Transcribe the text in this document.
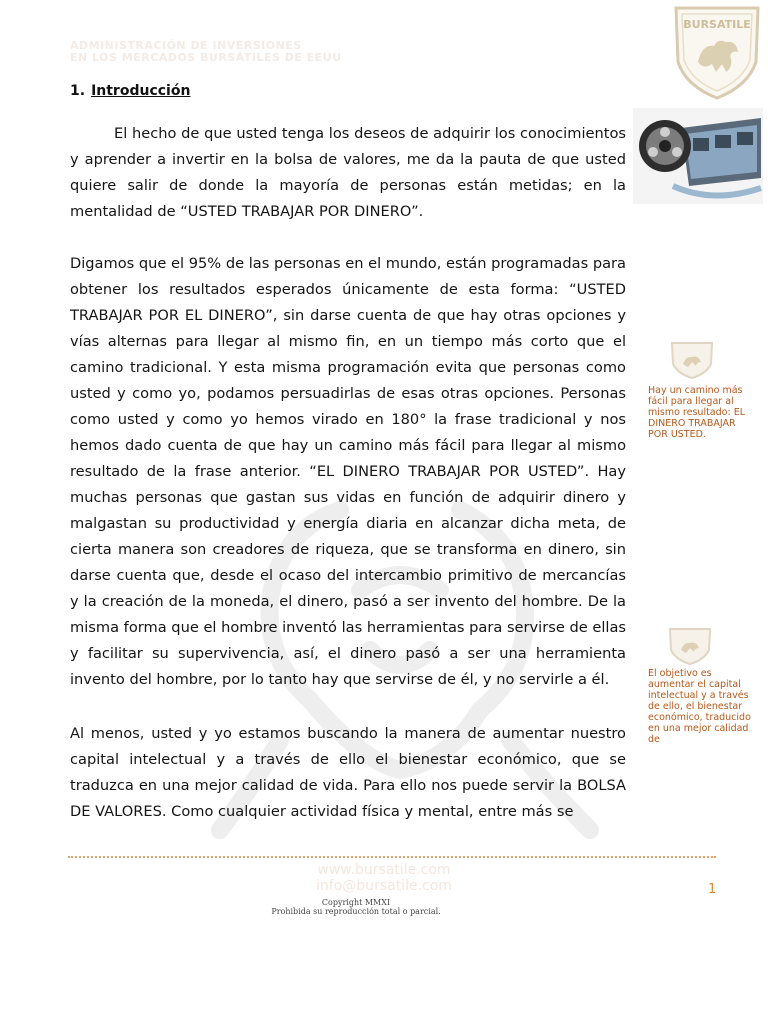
ADMINISTRACIÓN DE INVERSIONES
EN LOS MERCADOS BURSÁTILES DE EEUU
BURSATILE
1. Introducción

El hecho de que usted tenga los deseos de adquirir los conocimientos y aprender a invertir en la bolsa de valores, me da la pauta de que usted quiere salir de donde la mayoría de personas están metidas; en la mentalidad de “USTED TRABAJAR POR DINERO”.

Digamos que el 95% de las personas en el mundo, están programadas para obtener los resultados esperados únicamente de esta forma: “USTED TRABAJAR POR EL DINERO”, sin darse cuenta de que hay otras opciones y vías alternas para llegar al mismo fin, en un tiempo más corto que el camino tradicional. Y esta misma programación evita que personas como usted y como yo, podamos persuadirlas de esas otras opciones. Personas como usted y como yo hemos virado en 180° la frase tradicional y nos hemos dado cuenta de que hay un camino más fácil para llegar al mismo resultado de la frase anterior. “EL DINERO TRABAJAR POR USTED”. Hay muchas personas que gastan sus vidas en función de adquirir dinero y malgastan su productividad y energía diaria en alcanzar dicha meta, de cierta manera son creadores de riqueza, que se transforma en dinero, sin darse cuenta que, desde el ocaso del intercambio primitivo de mercancías y la creación de la moneda, el dinero, pasó a ser invento del hombre. De la misma forma que el hombre inventó las herramientas para servirse de ellas y facilitar su supervivencia, así, el dinero pasó a ser una herramienta invento del hombre, por lo tanto hay que servirse de él, y no servirle a él.

Al menos, usted y yo estamos buscando la manera de aumentar nuestro capital intelectual y a través de ello el bienestar económico, que se traduzca en una mejor calidad de vida. Para ello nos puede servir la BOLSA DE VALORES. Como cualquier actividad física y mental, entre más se

Hay un camino más fácil para llegar al mismo resultado: EL DINERO TRABAJAR POR USTED.
El objetivo es aumentar el capital intelectual y a través de ello, el bienestar económico, traducido en una mejor calidad de
www.bursatile.com
info@bursatile.com
Copyright MMXI
Prohibida su reproducción total o parcial.
1
